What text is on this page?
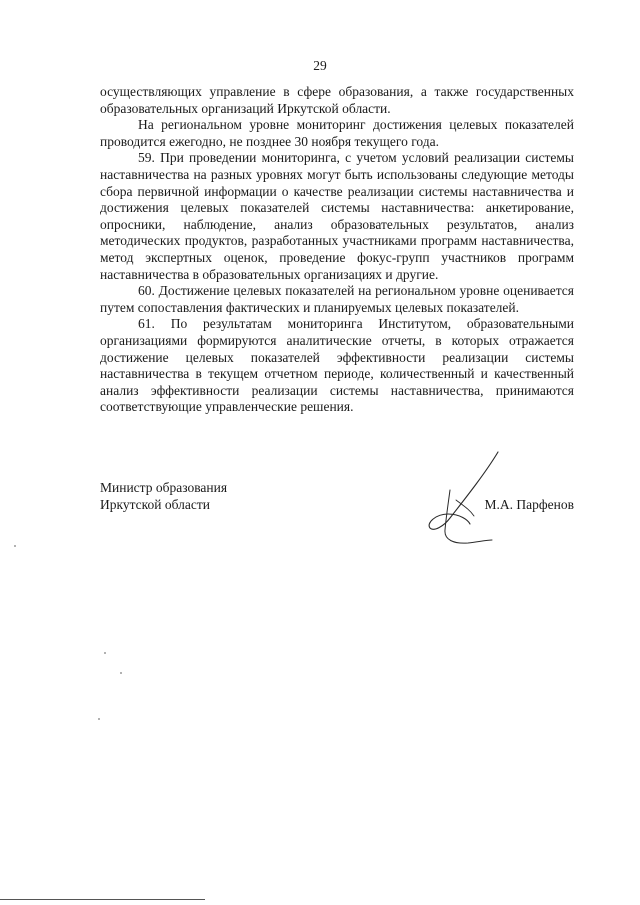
29

осуществляющих управление в сфере образования, а также государственных образовательных организаций Иркутской области.

На региональном уровне мониторинг достижения целевых показателей проводится ежегодно, не позднее 30 ноября текущего года.

59. При проведении мониторинга, с учетом условий реализации системы наставничества на разных уровнях могут быть использованы следующие методы сбора первичной информации о качестве реализации системы наставничества и достижения целевых показателей системы наставничества: анкетирование, опросники, наблюдение, анализ образовательных результатов, анализ методических продуктов, разработанных участниками программ наставничества, метод экспертных оценок, проведение фокус-групп участников программ наставничества в образовательных организациях и другие.

60. Достижение целевых показателей на региональном уровне оценивается путем сопоставления фактических и планируемых целевых показателей.

61. По результатам мониторинга Институтом, образовательными организациями формируются аналитические отчеты, в которых отражается достижение целевых показателей эффективности реализации системы наставничества в текущем отчетном периоде, количественный и качественный анализ эффективности реализации системы наставничества, принимаются соответствующие управленческие решения.

Министр образования
Иркутской области	М.А. Парфенов
